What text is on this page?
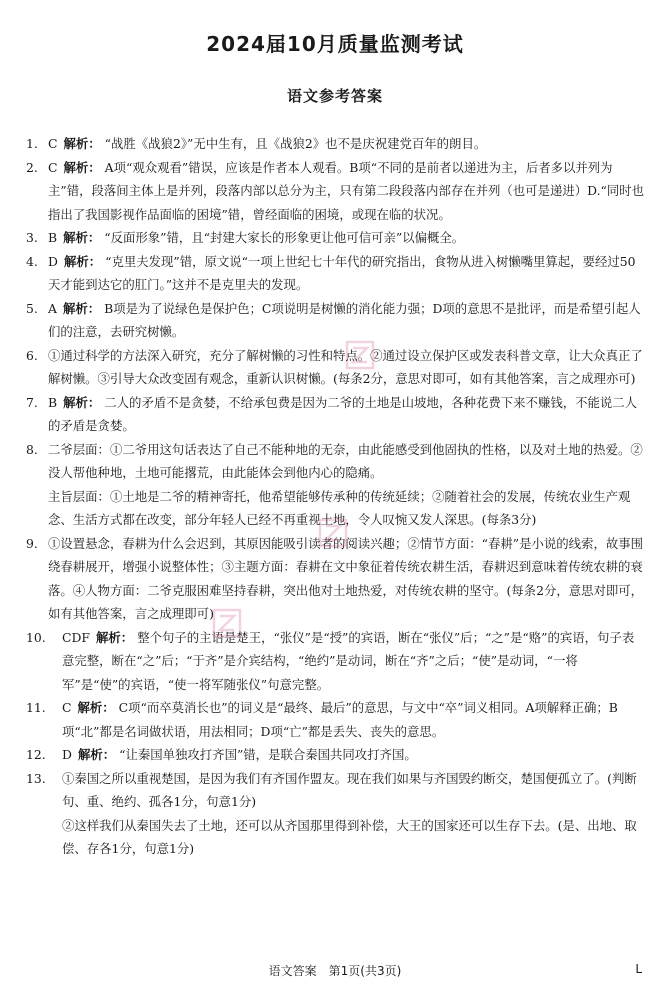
2024届10月质量监测考试
语文参考答案

1. C 解析： “战胜《战狼2》”无中生有，且《战狼2》也不是庆祝建党百年的朗目。

2. C 解析： A项“观众观看”错误，应该是作者本人观看。B项“不同的是前者以递进为主，后者多以并列为主”错，段落间主体上是并列，段落内部以总分为主，只有第二段段落内部存在并列（也可是递进）D.“同时也指出了我国影视作品面临的困境”错，曾经面临的困境，或现在临的状况。

3. B 解析： “反面形象”错，且“封建大家长的形象更让他可信可亲”以偏概全。

4. D 解析： “克里夫发现”错，原文说“一项上世纪七十年代的研究指出，食物从进入树懒嘴里算起，要经过50天才能到达它的肛门。”这并不是克里夫的发现。

5. A 解析： B项是为了说绿色是保护色；C项说明是树懒的消化能力强；D项的意思不是批评，而是希望引起人们的注意，去研究树懒。

6. ①通过科学的方法深入研究，充分了解树懒的习性和特点。②通过设立保护区或发表科普文章，让大众真正了解树懒。③引导大众改变固有观念，重新认识树懒。(每条2分，意思对即可，如有其他答案，言之成理亦可)

7. B 解析： 二人的矛盾不是贪婪，不给承包费是因为二爷的土地是山坡地，各种花费下来不赚钱，不能说二人的矛盾是贪婪。

8. 二爷层面：①二爷用这句话表达了自己不能种地的无奈，由此能感受到他固执的性格，以及对土地的热爱。②没人帮他种地，土地可能撂荒，由此能体会到他内心的隐痛。

主旨层面：①土地是二爷的精神寄托，他希望能够传承种的传统延续；②随着社会的发展，传统农业生产观念、生活方式都在改变，部分年轻人已经不再重视土地，令人叹惋又发人深思。(每条3分)

9. ①设置悬念，春耕为什么会迟到，其原因能吸引读者的阅读兴趣；②情节方面：“春耕”是小说的线索，故事围绕春耕展开，增强小说整体性；③主题方面：春耕在文中象征着传统农耕生活，春耕迟到意味着传统农耕的衰落。④人物方面：二爷克服困难坚持春耕，突出他对土地热爱，对传统农耕的坚守。(每条2分，意思对即可，如有其他答案，言之成理即可)

10. CDF 解析： 整个句子的主语是楚王，“张仪”是“授”的宾语，断在“张仪”后；“之”是“赂”的宾语，句子表意完整，断在“之”后；“于齐”是介宾结构，“绝约”是动词，断在“齐”之后；“使”是动词，“一将军”是“使”的宾语，“使一将军随张仪”句意完整。

11. C 解析： C项“而卒莫消长也”的词义是“最终、最后”的意思，与文中“卒”词义相同。A项解释正确；B项“北”都是名词做状语，用法相同；D项“亡”都是丢失、丧失的意思。

12. D 解析： “让秦国单独攻打齐国”错，是联合秦国共同攻打齐国。

13. ①秦国之所以重视楚国，是因为我们有齐国作盟友。现在我们如果与齐国毁约断交，楚国便孤立了。(判断句、重、绝约、孤各1分，句意1分)

②这样我们从秦国失去了土地，还可以从齐国那里得到补偿，大王的国家还可以生存下去。(是、出地、取偿、存各1分，句意1分)

语文答案　第1页(共3页)	L
